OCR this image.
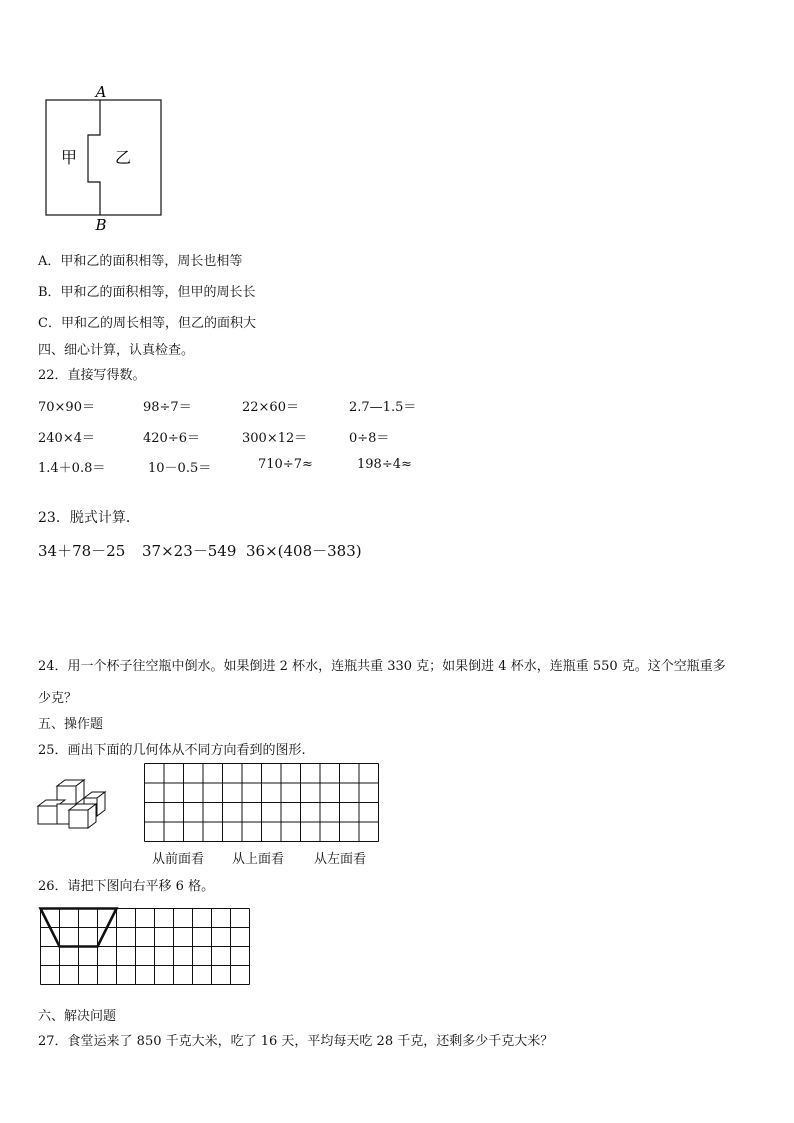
A
B
甲 乙
A．甲和乙的面积相等，周长也相等
B．甲和乙的面积相等，但甲的周长长
C．甲和乙的周长相等，但乙的面积大
四、细心计算，认真检查。
22．直接写得数。
70×90＝	98÷7＝	22×60＝	2.7—1.5＝
240×4＝	420÷6＝	300×12＝	0÷8＝
1.4＋0.8＝	10－0.5＝	710÷7≈	198÷4≈
23．脱式计算．
34＋78－25 37×23－549 36×(408－383)
24．用一个杯子往空瓶中倒水。如果倒进 2 杯水，连瓶共重 330 克；如果倒进 4 杯水，连瓶重 550 克。这个空瓶重多
少克？
五、操作题
25．画出下面的几何体从不同方向看到的图形.
从前面看 从上面看 从左面看
26．请把下图向右平移 6 格。
六、解决问题
27．食堂运来了 850 千克大米，吃了 16 天，平均每天吃 28 千克，还剩多少千克大米？
